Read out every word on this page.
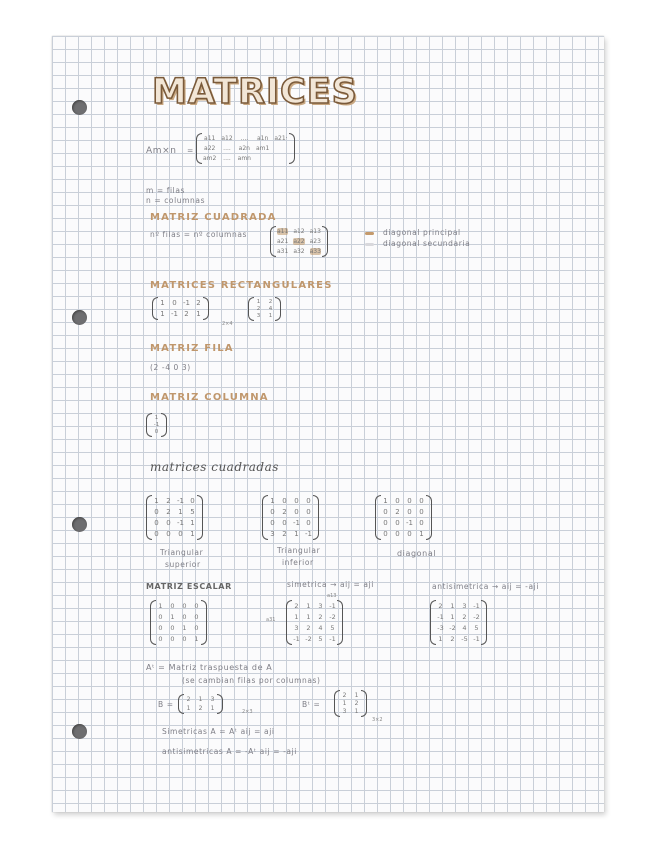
MATRICES
Am×n =
a11 a12	....	a1n a21·
a22	....	a2n am1
am2	....	amn
m = filas
n = columnas
MATRIZ CUADRADA
nº filas = nº columnas	a11 a12 a13
a21 a22 a23
a31 a32 a33
diagonal principal
diagonal secundaria
MATRICES RECTANGULARES
1 0 -1 2
1 -1 2 1
2×4
1	2
2	4
3	1
MATRIZ FILA
(2 -4 0 3)
MATRIZ COLUMNA
1
-1
0
matrices cuadradas
1 2 -1 0
0 2 1 5
0 0 -1 1
0 0 0 1
Triangular
superior
1 0 0 0
0 2 0 0
0 0 -1 0
3 2 1 -1
Triangular
inferior
1 0 0 0
0 2 0 0
0 0 -1 0
0 0 0 1
diagonal
MATRIZ ESCALAR
1 0 0 0
0 1 0 0
0 0 1 0
0 0 0 1
simetrica → aij = aji
a13
a31
2 1 3 -1
1 1 2 -2
3 2 4 5
-1 -2 5 -1
antisimetrica → aij = -aji
2 1 3 -1
-1 1 2 -2
-3 -2 4 5
1 2 -5 -1
Aᵗ = Matriz traspuesta de A
(se cambian filas por columnas)
B =
2 1 3
1 2 1	2×3
Bᵗ =
2 1
1 2
3 1
3×2
Simetricas A = Aᵗ aij = aji
antisimetricas A = -Aᵗ aij = -aji
